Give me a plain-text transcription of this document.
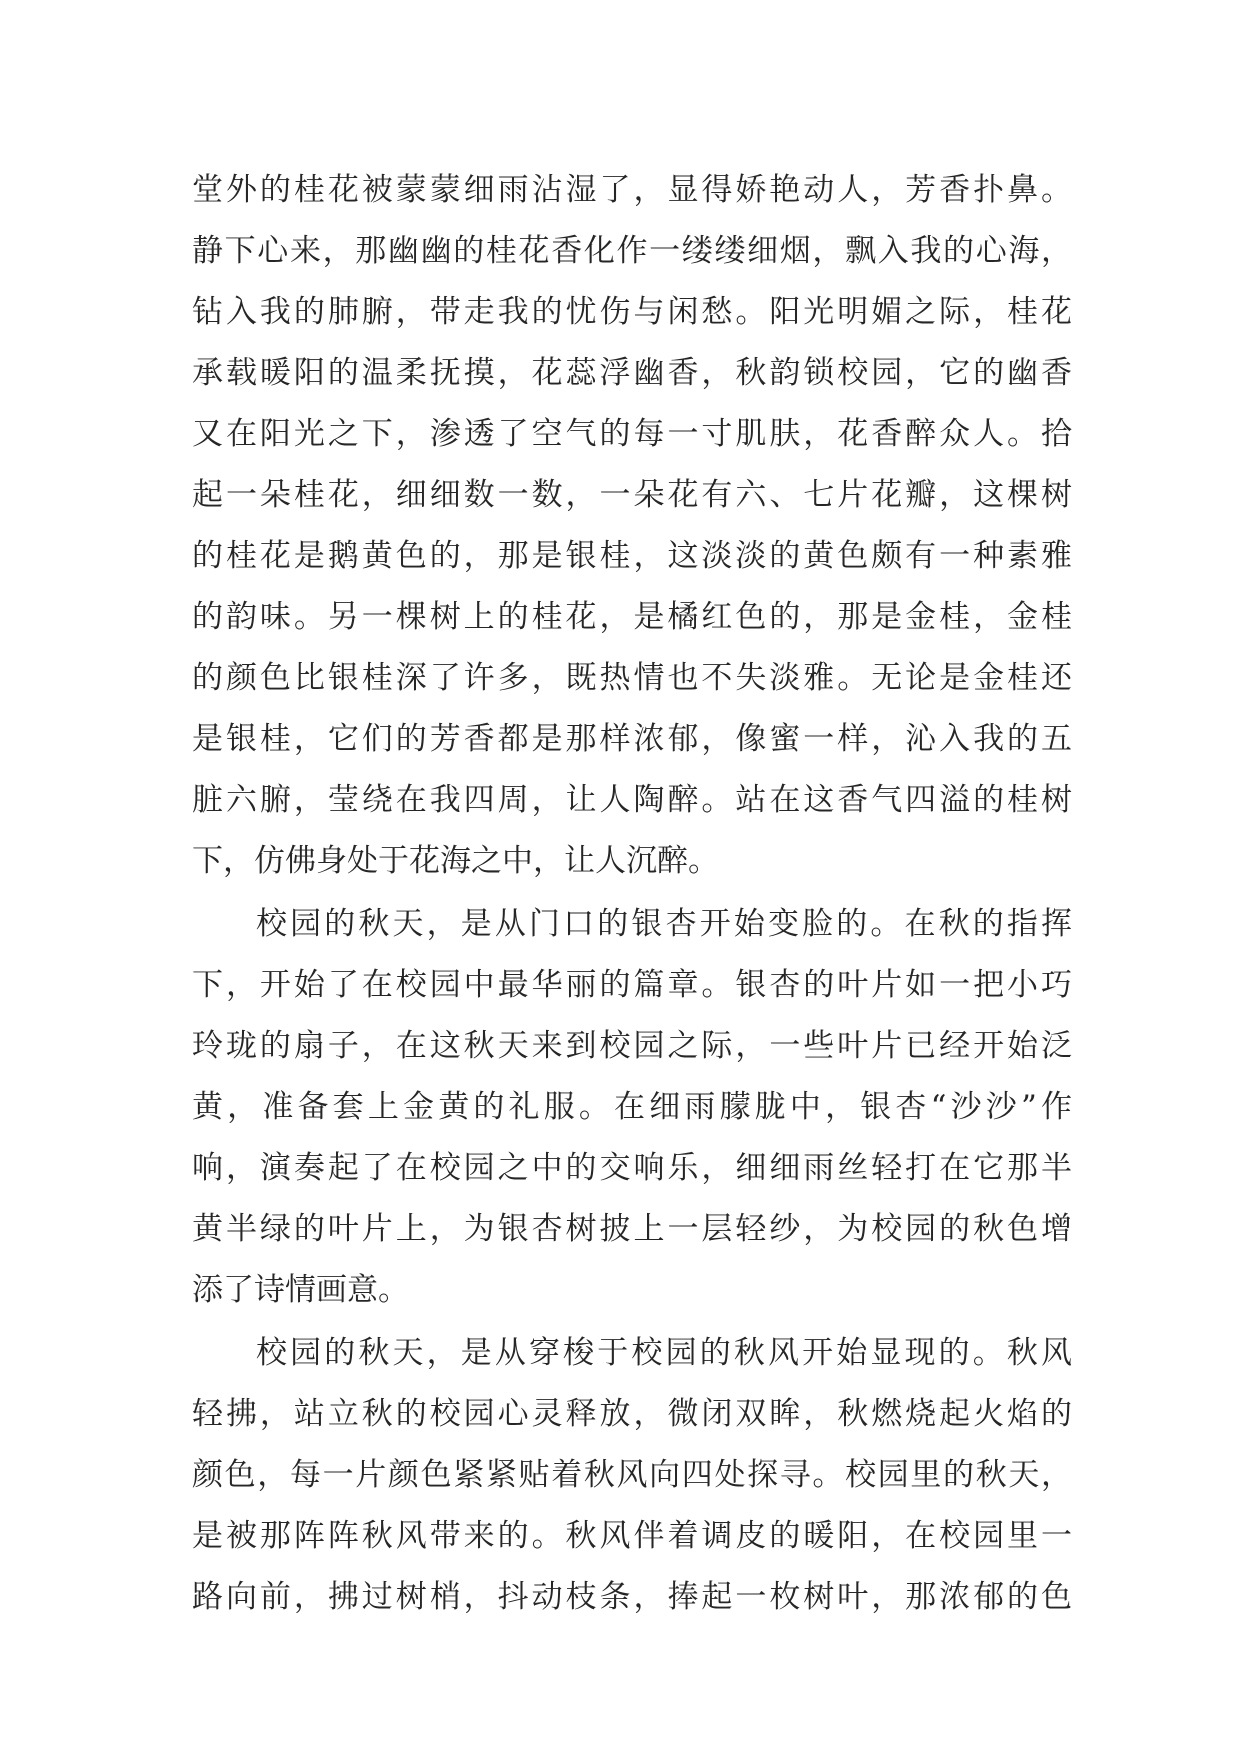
堂外的桂花被蒙蒙细雨沾湿了，显得娇艳动人，芳香扑鼻。
静下心来，那幽幽的桂花香化作一缕缕细烟，飘入我的心海，
钻入我的肺腑，带走我的忧伤与闲愁。阳光明媚之际，桂花
承载暖阳的温柔抚摸，花蕊浮幽香，秋韵锁校园，它的幽香
又在阳光之下，渗透了空气的每一寸肌肤，花香醉众人。拾
起一朵桂花，细细数一数，一朵花有六、七片花瓣，这棵树
的桂花是鹅黄色的，那是银桂，这淡淡的黄色颇有一种素雅
的韵味。另一棵树上的桂花，是橘红色的，那是金桂，金桂
的颜色比银桂深了许多，既热情也不失淡雅。无论是金桂还
是银桂，它们的芳香都是那样浓郁，像蜜一样，沁入我的五
脏六腑，莹绕在我四周，让人陶醉。站在这香气四溢的桂树
下，仿佛身处于花海之中，让人沉醉。
校园的秋天，是从门口的银杏开始变脸的。在秋的指挥
下，开始了在校园中最华丽的篇章。银杏的叶片如一把小巧
玲珑的扇子，在这秋天来到校园之际，一些叶片已经开始泛
黄，准备套上金黄的礼服。在细雨朦胧中，银杏“沙沙”作
响，演奏起了在校园之中的交响乐，细细雨丝轻打在它那半
黄半绿的叶片上，为银杏树披上一层轻纱，为校园的秋色增
添了诗情画意。
校园的秋天，是从穿梭于校园的秋风开始显现的。秋风
轻拂，站立秋的校园心灵释放，微闭双眸，秋燃烧起火焰的
颜色，每一片颜色紧紧贴着秋风向四处探寻。校园里的秋天，
是被那阵阵秋风带来的。秋风伴着调皮的暖阳，在校园里一
路向前，拂过树梢，抖动枝条，捧起一枚树叶，那浓郁的色
